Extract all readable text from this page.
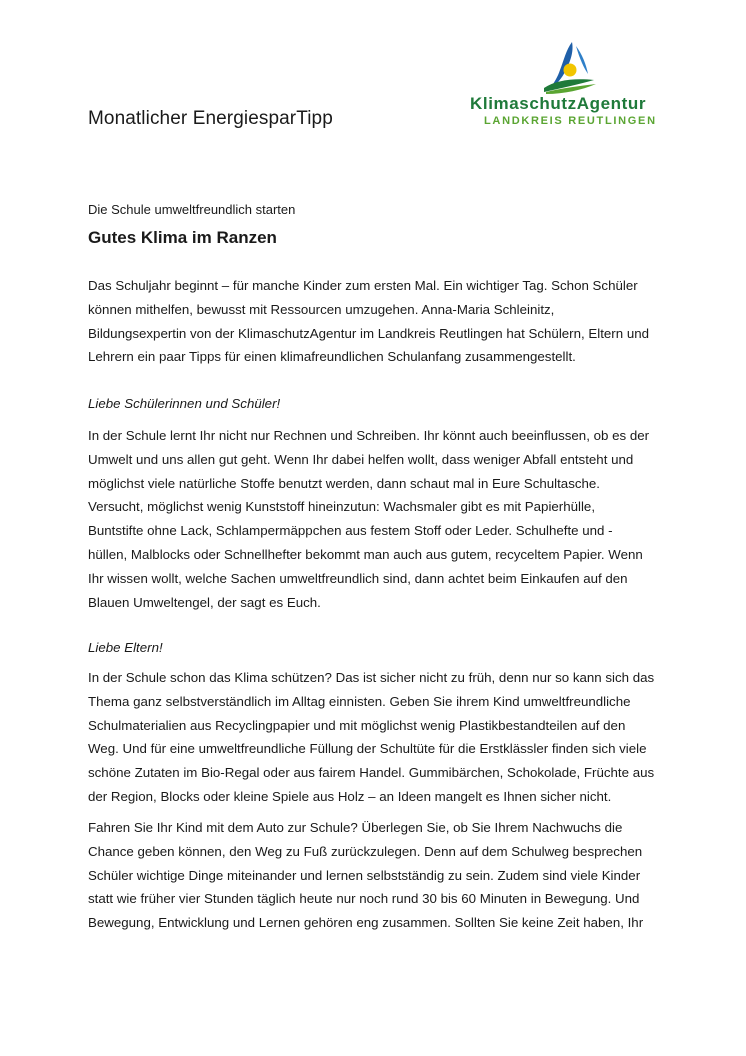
Monatlicher EnergiesparTipp
KlimaschutzAgentur
LANDKREIS REUTLINGEN
Die Schule umweltfreundlich starten
Gutes Klima im Ranzen
Das Schuljahr beginnt – für manche Kinder zum ersten Mal. Ein wichtiger Tag. Schon Schüler
können mithelfen, bewusst mit Ressourcen umzugehen. Anna-Maria Schleinitz,
Bildungsexpertin von der KlimaschutzAgentur im Landkreis Reutlingen hat Schülern, Eltern und
Lehrern ein paar Tipps für einen klimafreundlichen Schulanfang zusammengestellt.
Liebe Schülerinnen und Schüler!
In der Schule lernt Ihr nicht nur Rechnen und Schreiben. Ihr könnt auch beeinflussen, ob es der
Umwelt und uns allen gut geht. Wenn Ihr dabei helfen wollt, dass weniger Abfall entsteht und
möglichst viele natürliche Stoffe benutzt werden, dann schaut mal in Eure Schultasche.
Versucht, möglichst wenig Kunststoff hineinzutun: Wachsmaler gibt es mit Papierhülle,
Buntstifte ohne Lack, Schlampermäppchen aus festem Stoff oder Leder. Schulhefte und -
hüllen, Malblocks oder Schnellhefter bekommt man auch aus gutem, recyceltem Papier. Wenn
Ihr wissen wollt, welche Sachen umweltfreundlich sind, dann achtet beim Einkaufen auf den
Blauen Umweltengel, der sagt es Euch.
Liebe Eltern!
In der Schule schon das Klima schützen? Das ist sicher nicht zu früh, denn nur so kann sich das
Thema ganz selbstverständlich im Alltag einnisten. Geben Sie ihrem Kind umweltfreundliche
Schulmaterialien aus Recyclingpapier und mit möglichst wenig Plastikbestandteilen auf den
Weg. Und für eine umweltfreundliche Füllung der Schultüte für die Erstklässler finden sich viele
schöne Zutaten im Bio-Regal oder aus fairem Handel. Gummibärchen, Schokolade, Früchte aus
der Region, Blocks oder kleine Spiele aus Holz – an Ideen mangelt es Ihnen sicher nicht.
Fahren Sie Ihr Kind mit dem Auto zur Schule? Überlegen Sie, ob Sie Ihrem Nachwuchs die
Chance geben können, den Weg zu Fuß zurückzulegen. Denn auf dem Schulweg besprechen
Schüler wichtige Dinge miteinander und lernen selbstständig zu sein. Zudem sind viele Kinder
statt wie früher vier Stunden täglich heute nur noch rund 30 bis 60 Minuten in Bewegung. Und
Bewegung, Entwicklung und Lernen gehören eng zusammen. Sollten Sie keine Zeit haben, Ihr
